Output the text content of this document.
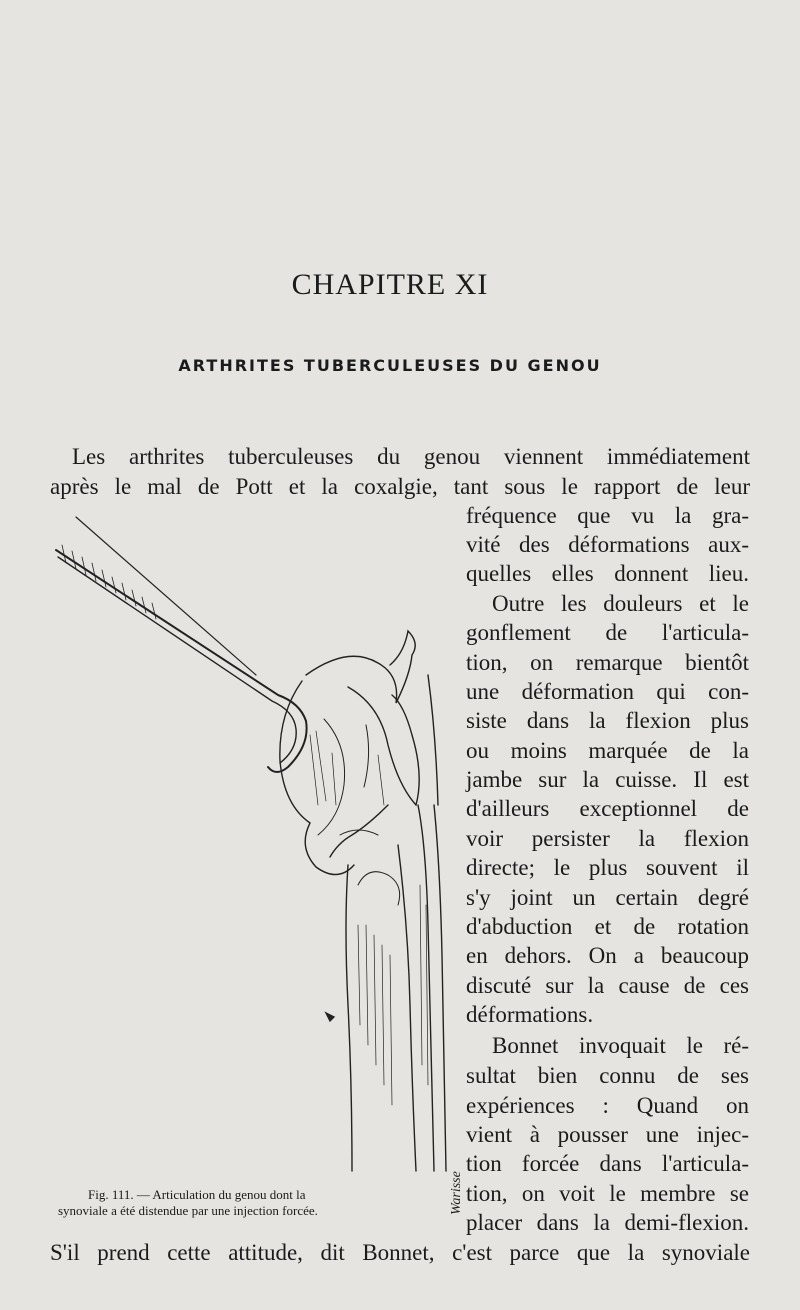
CHAPITRE XI
ARTHRITES TUBERCULEUSES DU GENOU
Les arthrites tuberculeuses du genou viennent immédiatement
après le mal de Pott et la coxalgie, tant sous le rapport de leur
fréquence que vu la gra-
vité des déformations aux-
quelles elles donnent lieu.
Outre les douleurs et le
gonflement de l'articula-
tion, on remarque bientôt
une déformation qui con-
siste dans la flexion plus
ou moins marquée de la
jambe sur la cuisse. Il est
d'ailleurs exceptionnel de
voir persister la flexion
directe; le plus souvent il
s'y joint un certain degré
d'abduction et de rotation
en dehors. On a beaucoup
discuté sur la cause de ces
déformations.
Bonnet invoquait le ré-
sultat bien connu de ses
expériences : Quand on
vient à pousser une injec-
tion forcée dans l'articula-
tion, on voit le membre se
placer dans la demi-flexion.
S'il prend cette attitude, dit Bonnet, c'est parce que la synoviale
Warisse
Fig. 111. — Articulation du genou dont la
synoviale a été distendue par une injection forcée.
